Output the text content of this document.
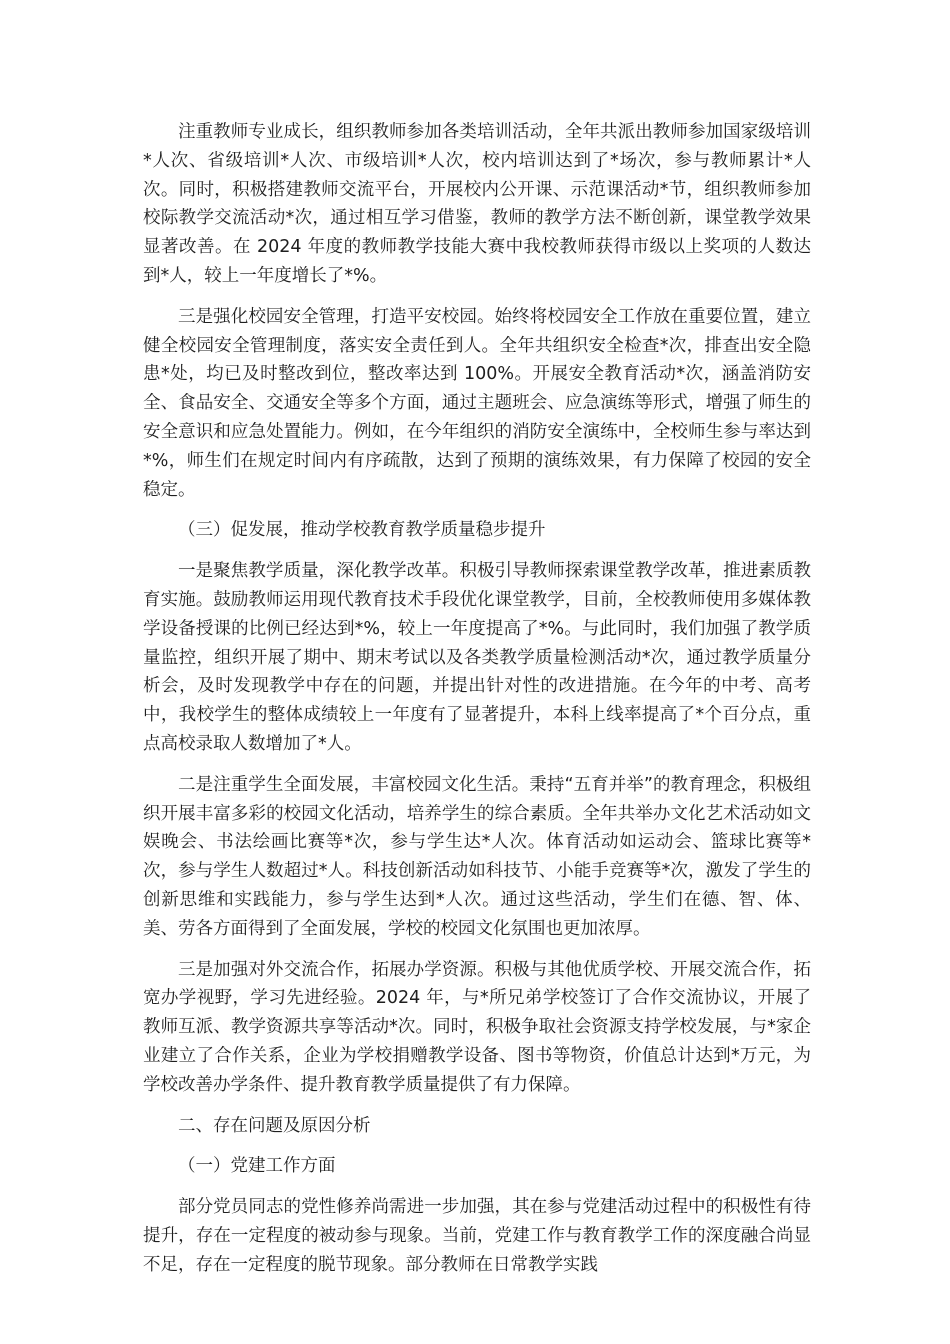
注重教师专业成长，组织教师参加各类培训活动，全年共派出教师参加国家级培训*人次、省级培训*人次、市级培训*人次，校内培训达到了*场次，参与教师累计*人次。同时，积极搭建教师交流平台，开展校内公开课、示范课活动*节，组织教师参加校际教学交流活动*次，通过相互学习借鉴，教师的教学方法不断创新，课堂教学效果显著改善。在 2024 年度的教师教学技能大赛中我校教师获得市级以上奖项的人数达到*人，较上一年度增长了*%。

三是强化校园安全管理，打造平安校园。始终将校园安全工作放在重要位置，建立健全校园安全管理制度，落实安全责任到人。全年共组织安全检查*次，排查出安全隐患*处，均已及时整改到位，整改率达到 100%。开展安全教育活动*次，涵盖消防安全、食品安全、交通安全等多个方面，通过主题班会、应急演练等形式，增强了师生的安全意识和应急处置能力。例如，在今年组织的消防安全演练中，全校师生参与率达到*%，师生们在规定时间内有序疏散，达到了预期的演练效果，有力保障了校园的安全稳定。

（三）促发展，推动学校教育教学质量稳步提升

一是聚焦教学质量，深化教学改革。积极引导教师探索课堂教学改革，推进素质教育实施。鼓励教师运用现代教育技术手段优化课堂教学，目前，全校教师使用多媒体教学设备授课的比例已经达到*%，较上一年度提高了*%。与此同时，我们加强了教学质量监控，组织开展了期中、期末考试以及各类教学质量检测活动*次，通过教学质量分析会，及时发现教学中存在的问题，并提出针对性的改进措施。在今年的中考、高考中，我校学生的整体成绩较上一年度有了显著提升，本科上线率提高了*个百分点，重点高校录取人数增加了*人。

二是注重学生全面发展，丰富校园文化生活。秉持“五育并举”的教育理念，积极组织开展丰富多彩的校园文化活动，培养学生的综合素质。全年共举办文化艺术活动如文娱晚会、书法绘画比赛等*次，参与学生达*人次。体育活动如运动会、篮球比赛等*次，参与学生人数超过*人。科技创新活动如科技节、小能手竞赛等*次，激发了学生的创新思维和实践能力，参与学生达到*人次。通过这些活动，学生们在德、智、体、美、劳各方面得到了全面发展，学校的校园文化氛围也更加浓厚。

三是加强对外交流合作，拓展办学资源。积极与其他优质学校、开展交流合作，拓宽办学视野，学习先进经验。2024 年，与*所兄弟学校签订了合作交流协议，开展了教师互派、教学资源共享等活动*次。同时，积极争取社会资源支持学校发展，与*家企业建立了合作关系，企业为学校捐赠教学设备、图书等物资，价值总计达到*万元，为学校改善办学条件、提升教育教学质量提供了有力保障。

二、存在问题及原因分析

（一）党建工作方面

部分党员同志的党性修养尚需进一步加强，其在参与党建活动过程中的积极性有待提升，存在一定程度的被动参与现象。当前，党建工作与教育教学工作的深度融合尚显不足，存在一定程度的脱节现象。部分教师在日常教学实践
